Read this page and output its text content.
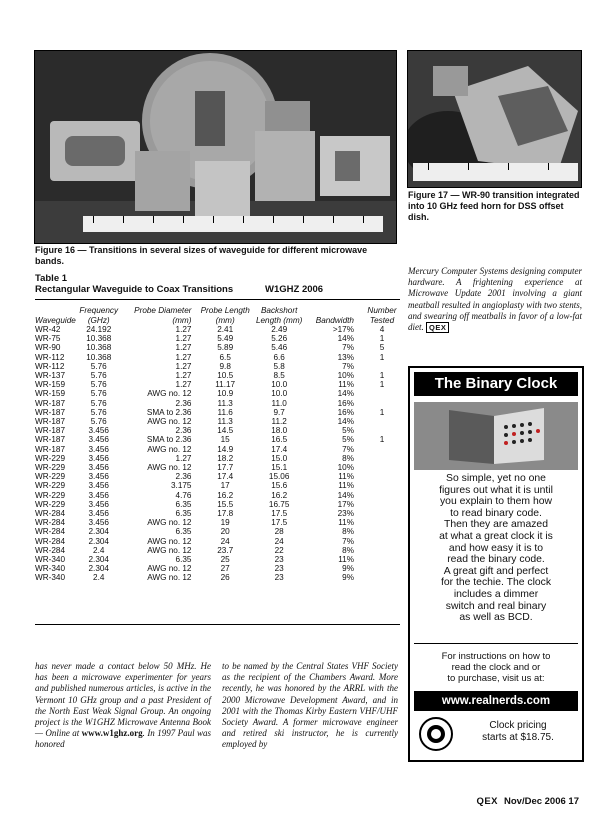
Figure 16 — Transitions in several sizes of waveguide for different microwave bands.
Figure 17 — WR-90 transition integrated into 10 GHz feed horn for DSS offset dish.
Table 1
Rectangular Waveguide to Coax Transitions	W1GHZ 2006
Waveguide	Frequency (GHz)	Probe Diameter (mm)	Probe Length (mm)	Backshort Length (mm)	Bandwidth	Number Tested
WR-42	24.192	1.27	2.41	2.49	>17%	4
WR-75	10.368	1.27	5.49	5.26	14%	1
WR-90	10.368	1.27	5.89	5.46	7%	5
WR-112	10.368	1.27	6.5	6.6	13%	1
WR-112	5.76	1.27	9.8	5.8	7%	
WR-137	5.76	1.27	10.5	8.5	10%	1
WR-159	5.76	1.27	11.17	10.0	11%	1
WR-159	5.76	AWG no. 12	10.9	10.0	14%	
WR-187	5.76	2.36	11.3	11.0	16%	
WR-187	5.76	SMA to 2.36	11.6	9.7	16%	1
WR-187	5.76	AWG no. 12	11.3	11.2	14%	
WR-187	3.456	2.36	14.5	18.0	5%	
WR-187	3.456	SMA to 2.36	15	16.5	5%	1
WR-187	3.456	AWG no. 12	14.9	17.4	7%	
WR-229	3.456	1.27	18.2	15.0	8%	
WR-229	3.456	AWG no. 12	17.7	15.1	10%	
WR-229	3.456	2.36	17.4	15.06	11%	
WR-229	3.456	3.175	17	15.6	11%	
WR-229	3.456	4.76	16.2	16.2	14%	
WR-229	3.456	6.35	15.5	16.75	17%	
WR-284	3.456	6.35	17.8	17.5	23%	
WR-284	3.456	AWG no. 12	19	17.5	11%	
WR-284	2.304	6.35	20	28	8%	
WR-284	2.304	AWG no. 12	24	24	7%	
WR-284	2.4	AWG no. 12	23.7	22	8%	
WR-340	2.304	6.35	25	23	11%	
WR-340	2.304	AWG no. 12	27	23	9%	
WR-340	2.4	AWG no. 12	26	23	9%	
has never made a contact below 50 MHz. He has been a microwave experimenter for years and published numerous articles, is active in the Vermont 10 GHz group and a past President of the North East Weak Signal Group. An ongoing project is the W1GHZ Microwave Antenna Book — Online at www.w1ghz.org. In 1997 Paul was honored
to be named by the Central States VHF Society as the recipient of the Chambers Award. More recently, he was honored by the ARRL with the 2000 Microwave Development Award, and in 2001 with the Thomas Kirby Eastern VHF/UHF Society Award. A former microwave engineer and retired ski instructor, he is currently employed by
Mercury Computer Systems designing computer hardware. A frightening experience at Microwave Update 2001 involving a giant meatball resulted in angioplasty with two stents, and swearing off meatballs in favor of a low-fat diet. QEX
The Binary Clock
So simple, yet no one
figures out what it is until
you explain to them how
to read binary code.
Then they are amazed
at what a great clock it is
and how easy it is to
read the binary code.
A great gift and perfect
for the techie. The clock
includes a dimmer
switch and real binary
as well as BCD.
For instructions on how to
read the clock and or
to purchase, visit us at:
www.realnerds.com
Clock pricing
starts at $18.75.
QEX Nov/Dec 2006 17
